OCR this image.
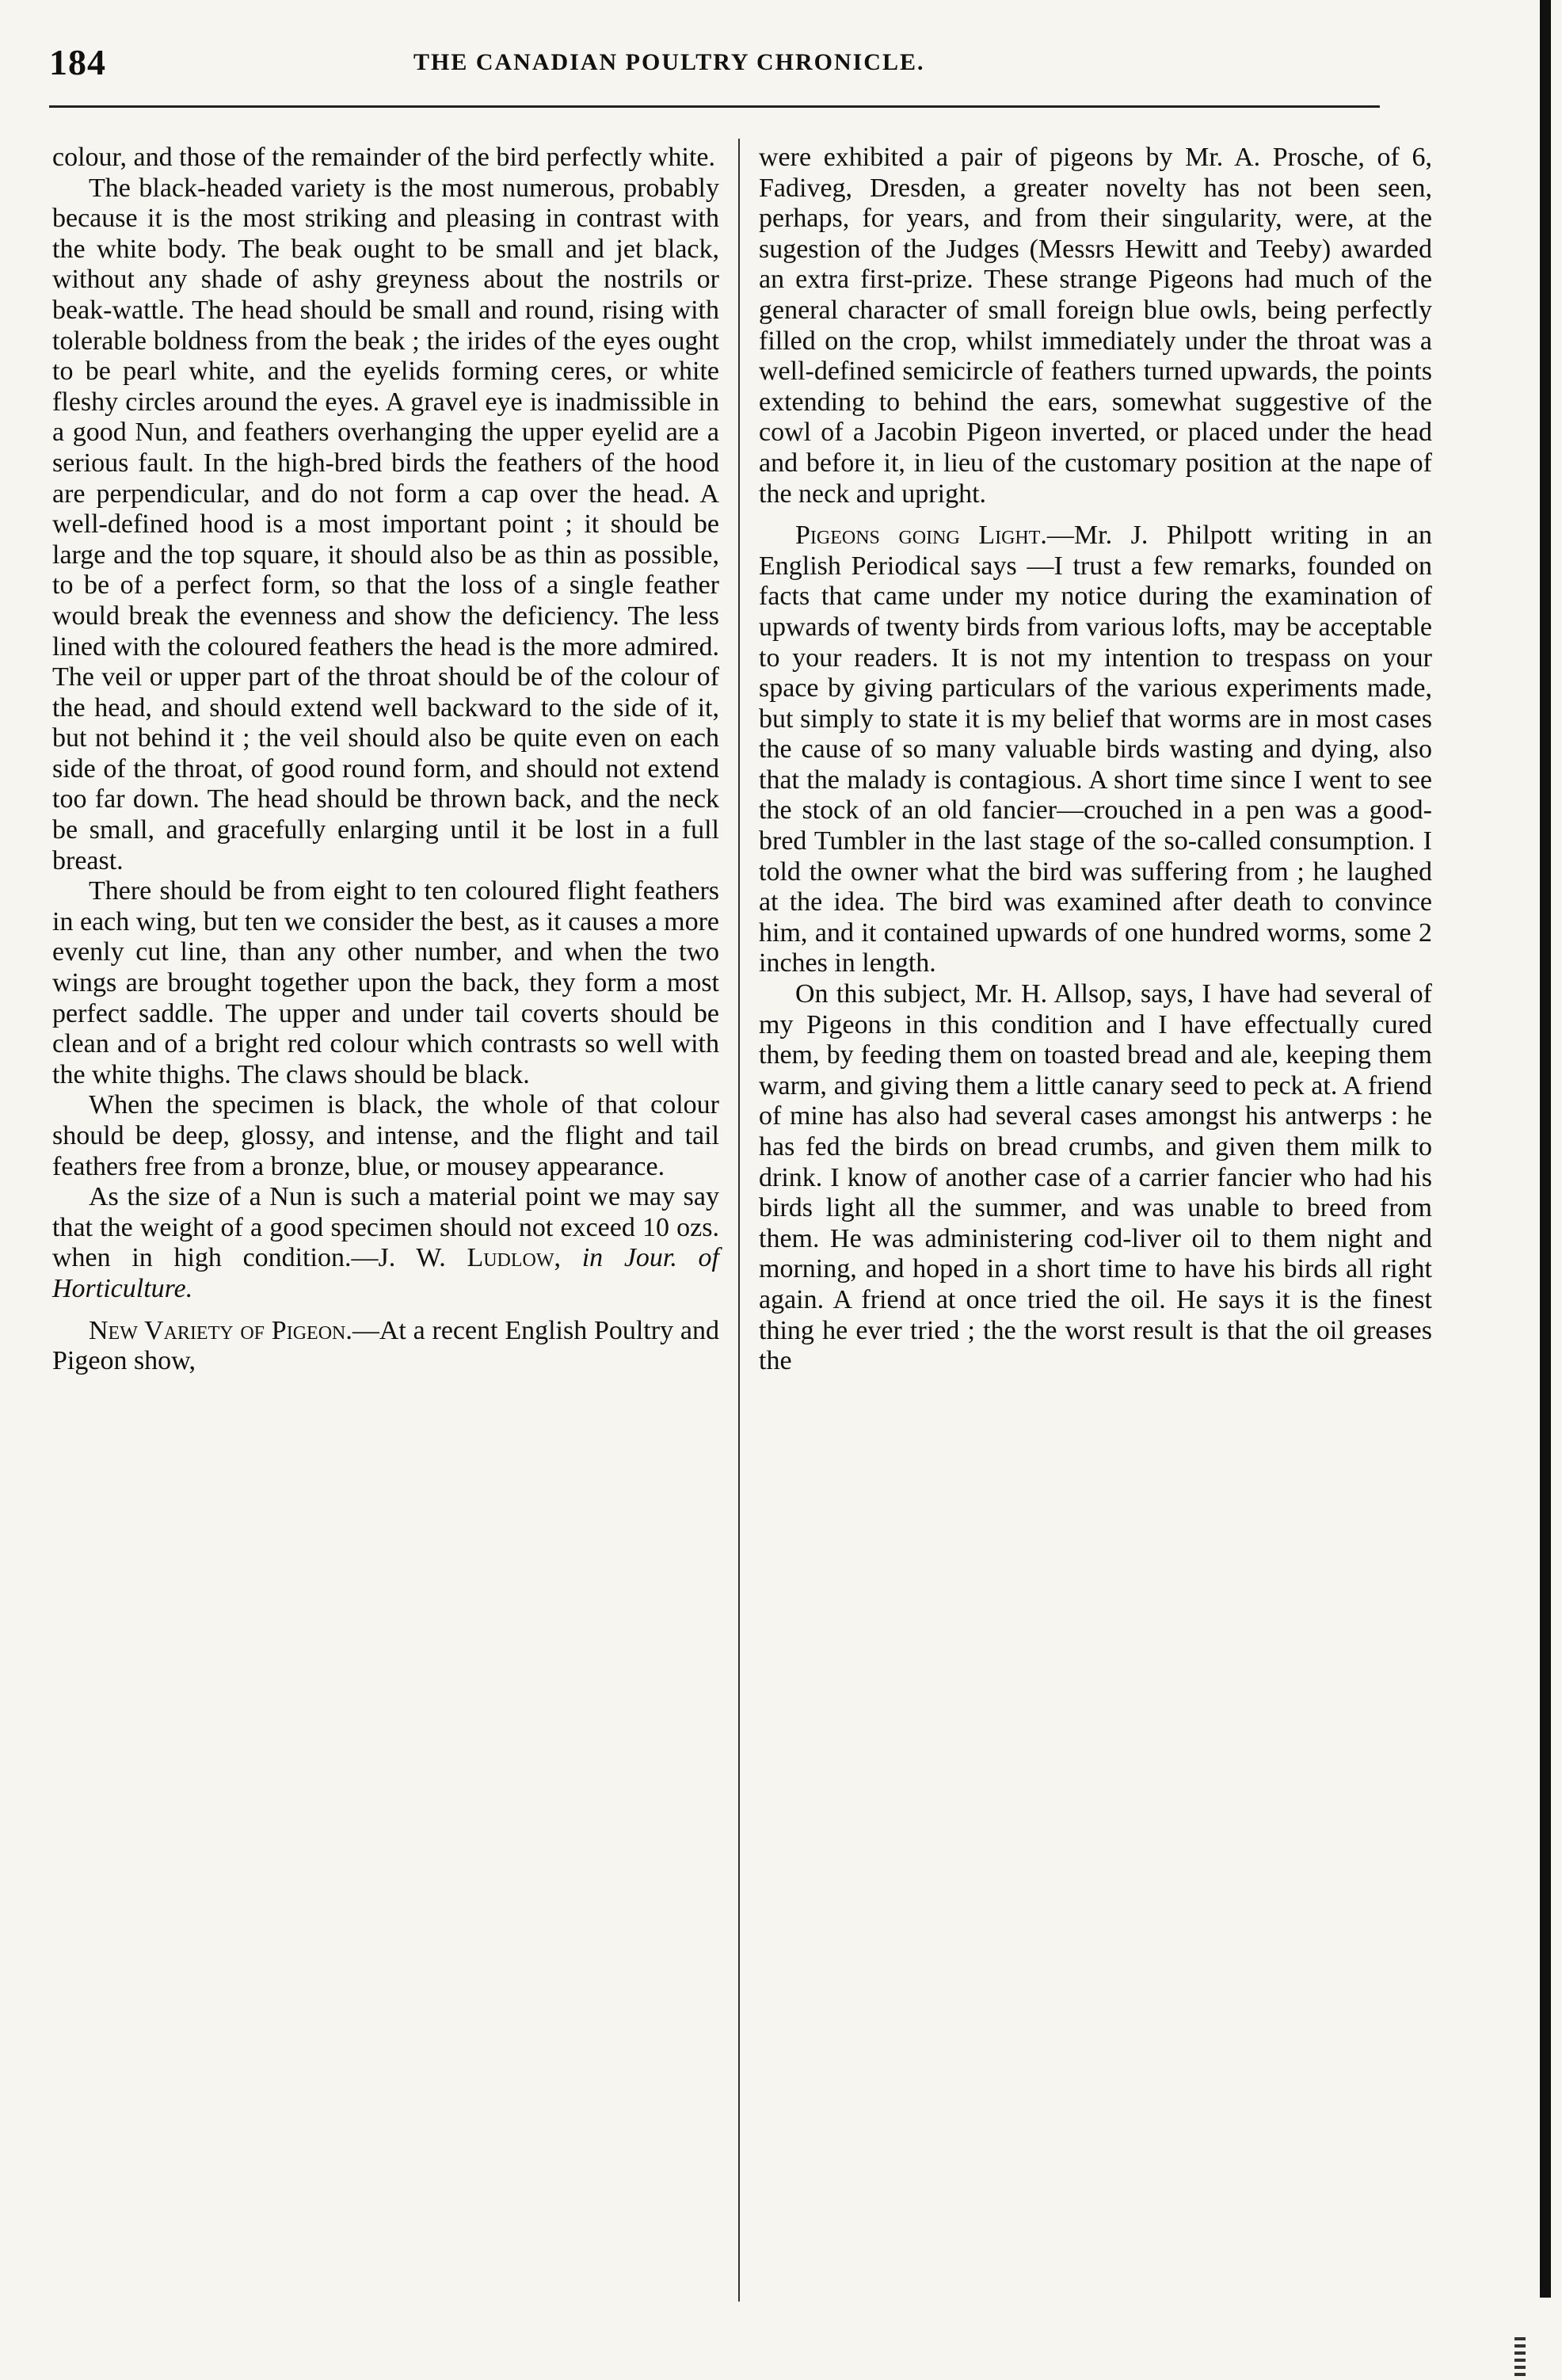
184	THE CANADIAN POULTRY CHRONICLE.

colour, and those of the remainder of the bird perfectly white.

The black-headed variety is the most numerous, probably because it is the most striking and pleasing in contrast with the white body. The beak ought to be small and jet black, without any shade of ashy greyness about the nostrils or beak-wattle. The head should be small and round, rising with tolerable boldness from the beak ; the irides of the eyes ought to be pearl white, and the eyelids forming ceres, or white fleshy circles around the eyes. A gravel eye is inadmissible in a good Nun, and feathers overhanging the upper eyelid are a serious fault. In the high-bred birds the feathers of the hood are perpendicular, and do not form a cap over the head. A well-defined hood is a most important point ; it should be large and the top square, it should also be as thin as possible, to be of a perfect form, so that the loss of a single feather would break the evenness and show the deficiency. The less lined with the coloured feathers the head is the more admired. The veil or upper part of the throat should be of the colour of the head, and should extend well backward to the side of it, but not behind it ; the veil should also be quite even on each side of the throat, of good round form, and should not extend too far down. The head should be thrown back, and the neck be small, and gracefully enlarging until it be lost in a full breast.

There should be from eight to ten coloured flight feathers in each wing, but ten we consider the best, as it causes a more evenly cut line, than any other number, and when the two wings are brought together upon the back, they form a most perfect saddle. The upper and under tail coverts should be clean and of a bright red colour which contrasts so well with the white thighs. The claws should be black.

When the specimen is black, the whole of that colour should be deep, glossy, and intense, and the flight and tail feathers free from a bronze, blue, or mousey appearance.

As the size of a Nun is such a material point we may say that the weight of a good specimen should not exceed 10 ozs. when in high condition.—J. W. Ludlow, in Jour. of Horticulture.

New Variety of Pigeon.—At a recent English Poultry and Pigeon show,

were exhibited a pair of pigeons by Mr. A. Prosche, of 6, Fadiveg, Dresden, a greater novelty has not been seen, perhaps, for years, and from their singularity, were, at the sugestion of the Judges (Messrs Hewitt and Teeby) awarded an extra first-prize. These strange Pigeons had much of the general character of small foreign blue owls, being perfectly filled on the crop, whilst immediately under the throat was a well-defined semicircle of feathers turned upwards, the points extending to behind the ears, somewhat suggestive of the cowl of a Jacobin Pigeon inverted, or placed under the head and before it, in lieu of the customary position at the nape of the neck and upright.

Pigeons going Light.—Mr. J. Philpott writing in an English Periodical says —I trust a few remarks, founded on facts that came under my notice during the examination of upwards of twenty birds from various lofts, may be acceptable to your readers. It is not my intention to trespass on your space by giving particulars of the various experiments made, but simply to state it is my belief that worms are in most cases the cause of so many valuable birds wasting and dying, also that the malady is contagious. A short time since I went to see the stock of an old fancier—crouched in a pen was a good-bred Tumbler in the last stage of the so-called consumption. I told the owner what the bird was suffering from ; he laughed at the idea. The bird was examined after death to convince him, and it contained upwards of one hundred worms, some 2 inches in length.

On this subject, Mr. H. Allsop, says, I have had several of my Pigeons in this condition and I have effectually cured them, by feeding them on toasted bread and ale, keeping them warm, and giving them a little canary seed to peck at. A friend of mine has also had several cases amongst his antwerps : he has fed the birds on bread crumbs, and given them milk to drink. I know of another case of a carrier fancier who had his birds light all the summer, and was unable to breed from them. He was administering cod-liver oil to them night and morning, and hoped in a short time to have his birds all right again. A friend at once tried the oil. He says it is the finest thing he ever tried ; the the worst result is that the oil greases the
